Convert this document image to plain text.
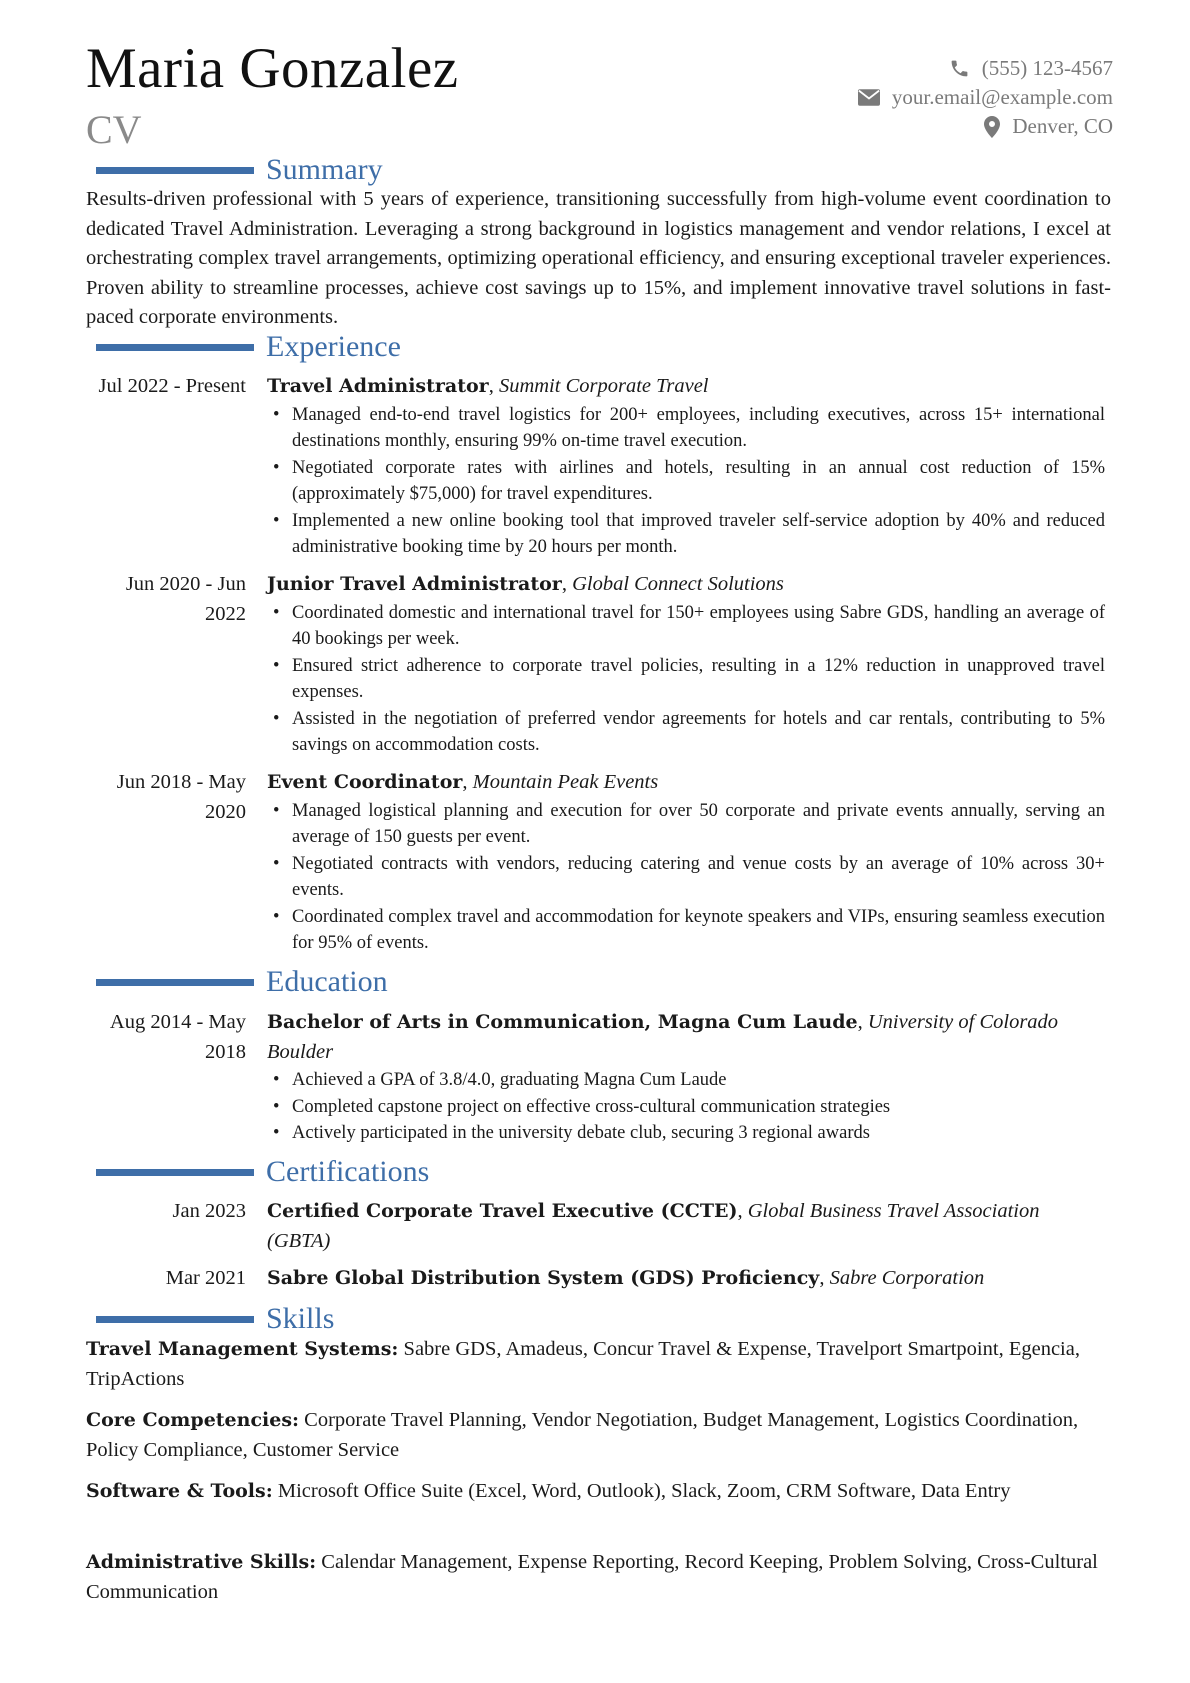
Maria Gonzalez
CV
(555) 123-4567
your.email@example.com
Denver, CO
Summary
Results-driven professional with 5 years of experience, transitioning successfully from high-volume event coordination to dedicated Travel Administration. Leveraging a strong background in logistics management and vendor relations, I excel at orchestrating complex travel arrangements, optimizing operational efficiency, and ensuring exceptional traveler experiences. Proven ability to streamline processes, achieve cost savings up to 15%, and implement innovative travel solutions in fast-paced corporate environments.
Experience
Jul 2022 - Present Travel Administrator, Summit Corporate Travel
• Managed end-to-end travel logistics for 200+ employees, including executives, across 15+ international destinations monthly, ensuring 99% on-time travel execution.
• Negotiated corporate rates with airlines and hotels, resulting in an annual cost reduction of 15% (approximately $75,000) for travel expenditures.
• Implemented a new online booking tool that improved traveler self-service adoption by 40% and reduced administrative booking time by 20 hours per month.
Jun 2020 - Jun 2022
Junior Travel Administrator, Global Connect Solutions
• Coordinated domestic and international travel for 150+ employees using Sabre GDS, handling an average of 40 bookings per week.
• Ensured strict adherence to corporate travel policies, resulting in a 12% reduction in unapproved travel expenses.
• Assisted in the negotiation of preferred vendor agreements for hotels and car rentals, contributing to 5% savings on accommodation costs.
Jun 2018 - May 2020
Event Coordinator, Mountain Peak Events
• Managed logistical planning and execution for over 50 corporate and private events annually, serving an average of 150 guests per event.
• Negotiated contracts with vendors, reducing catering and venue costs by an average of 10% across 30+ events.
• Coordinated complex travel and accommodation for keynote speakers and VIPs, ensuring seamless execution for 95% of events.
Education
Aug 2014 - May 2018
Bachelor of Arts in Communication, Magna Cum Laude, University of Colorado Boulder
• Achieved a GPA of 3.8/4.0, graduating Magna Cum Laude
• Completed capstone project on effective cross-cultural communication strategies
• Actively participated in the university debate club, securing 3 regional awards
Certifications
Jan 2023 Certified Corporate Travel Executive (CCTE), Global Business Travel Association (GBTA)
Mar 2021 Sabre Global Distribution System (GDS) Proficiency, Sabre Corporation
Skills
Travel Management Systems: Sabre GDS, Amadeus, Concur Travel & Expense, Travelport Smartpoint, Egencia, TripActions
Core Competencies: Corporate Travel Planning, Vendor Negotiation, Budget Management, Logistics Coordination, Policy Compliance, Customer Service
Software & Tools: Microsoft Office Suite (Excel, Word, Outlook), Slack, Zoom, CRM Software, Data Entry
Administrative Skills: Calendar Management, Expense Reporting, Record Keeping, Problem Solving, Cross-Cultural Communication
